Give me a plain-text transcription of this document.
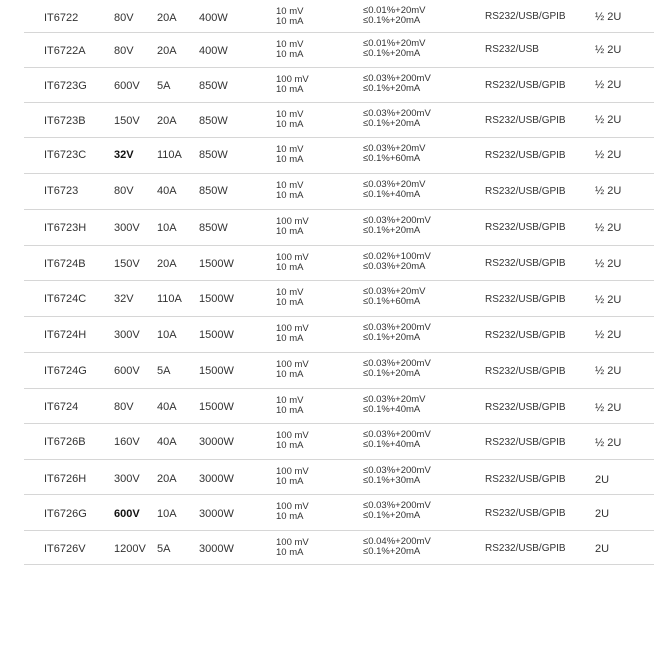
IT6722	80V 20A 400W
10 mV
10 mA
≤0.01%+20mV
≤0.1%+20mA	RS232/USB/GPIB	½ 2U
IT6722A	80V 20A 400W
10 mV
10 mA
≤0.01%+20mV
≤0.1%+20mA	RS232/USB	½ 2U
IT6723G 600V 5A	850W
100 mV
10 mA
≤0.03%+200mV
≤0.1%+20mA	RS232/USB/GPIB	½ 2U
IT6723B	150V 20A 850W
10 mV
10 mA
≤0.03%+200mV
≤0.1%+20mA	RS232/USB/GPIB	½ 2U
IT6723C	32V 110A 850W	10 mV
10 mA
≤0.03%+20mV
≤0.1%+60mA	RS232/USB/GPIB	½ 2U
IT6723	80V 40A 850W	10 mV
10 mA
≤0.03%+20mV
≤0.1%+40mA	RS232/USB/GPIB	½ 2U
IT6723H	300V 10A 850W
100 mV
10 mA
≤0.03%+200mV
≤0.1%+20mA	RS232/USB/GPIB	½ 2U
IT6724B	150V 20A 1500W
100 mV
10 mA
≤0.02%+100mV
≤0.03%+20mA	RS232/USB/GPIB	½ 2U
IT6724C	32V 110A 1500W
10 mV
10 mA
≤0.03%+20mV
≤0.1%+60mA	RS232/USB/GPIB	½ 2U
IT6724H	300V 10A 1500W
100 mV
10 mA
≤0.03%+200mV
≤0.1%+20mA	RS232/USB/GPIB	½ 2U
IT6724G 600V 5A	1500W
100 mV
10 mA
≤0.03%+200mV
≤0.1%+20mA	RS232/USB/GPIB	½ 2U
IT6724	80V 40A 1500W
10 mV
10 mA
≤0.03%+20mV
≤0.1%+40mA	RS232/USB/GPIB	½ 2U
IT6726B	160V 40A 3000W
100 mV
10 mA
≤0.03%+200mV
≤0.1%+40mA	RS232/USB/GPIB	½ 2U
IT6726H	300V 20A 3000W
100 mV
10 mA
≤0.03%+200mV
≤0.1%+30mA	RS232/USB/GPIB	2U
IT6726G 600V 10A 3000W
100 mV
10 mA
≤0.03%+200mV
≤0.1%+20mA	RS232/USB/GPIB	2U
IT6726V	1200V 5A	3000W
100 mV
10 mA
≤0.04%+200mV
≤0.1%+20mA	RS232/USB/GPIB	2U
